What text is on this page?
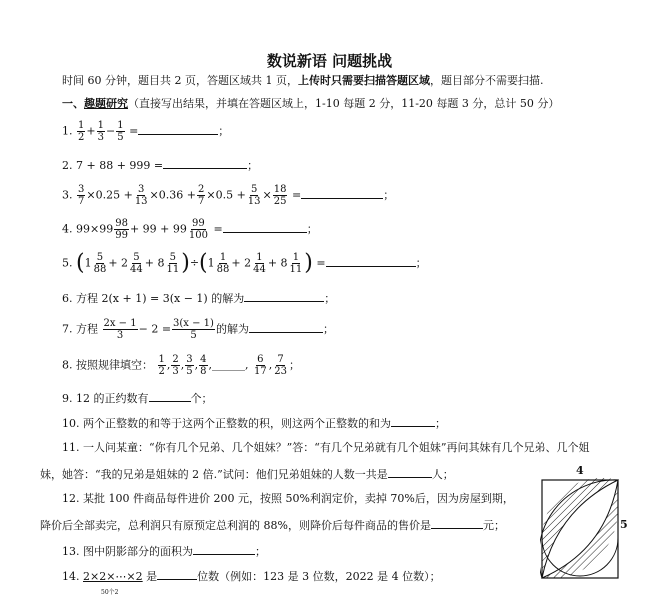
数说新语 问题挑战
时间 60 分钟，题目共 2 页，答题区域共 1 页，上传时只需要扫描答题区域，题目部分不需要扫描.
一、趣题研究（直接写出结果，并填在答题区域上，1-10 每题 2 分，11-20 每题 3 分，总计 50 分）
1. $\frac{1}{2} + \frac{1}{3} - \frac{1}{5}$ =	；
2. 7 + 88 + 999 =	；
3. $\frac{3}{7} \times 0.25 + \frac{3}{13} \times 0.36 + \frac{2}{7} \times 0.5 + \frac{5}{13} \times \frac{18}{25}$ =	；
4. $99\times 99 \frac{98}{99} + 99 + 99 \frac{99}{100}$ =	；
5. $(1 \frac{5}{88} + 2 \frac{5}{44} + 8 \frac{5}{11} )\div(1 \frac{1}{88} + 2 \frac{1}{44} + 8 \frac{1}{11}$ ) =	；
6. 方程 2(x + 1) = 3(x − 1) 的解为	；
7. 方程 $\frac{2x - 1}{3} - 2 = \frac{3(x - 1)}{5}$ 的解为	；
8. 按照规律填空： $\frac{1}{2}$ , $\frac{2}{3}$ , $\frac{3}{5}$ , $\frac{4}{8}$ ,______, $\frac{6}{17}$ , $\frac{7}{23}$ ；
9. 12 的正约数有	个；
10. 两个正整数的和等于这两个正整数的积，则这两个正整数的和为	；
11. 一人问某童：“你有几个兄弟、几个姐妹？”答：“有几个兄弟就有几个姐妹”再问其妹有几个兄弟、几个姐
妹，她答：“我的兄弟是姐妹的 2 倍.”试问：他们兄弟姐妹的人数一共是	人；
12. 某批 100 件商品每件进价 200 元，按照 50%利润定价，卖掉 70%后，因为房屋到期，
降价后全部卖完，总利润只有原预定总利润的 88%，则降价后每件商品的售价是	元；
13. 图中阴影部分的面积为	；
14. 2×2×⋯×2
50个2
是	位数（例如：123 是 3 位数，2022 是 4 位数）；
4
5
